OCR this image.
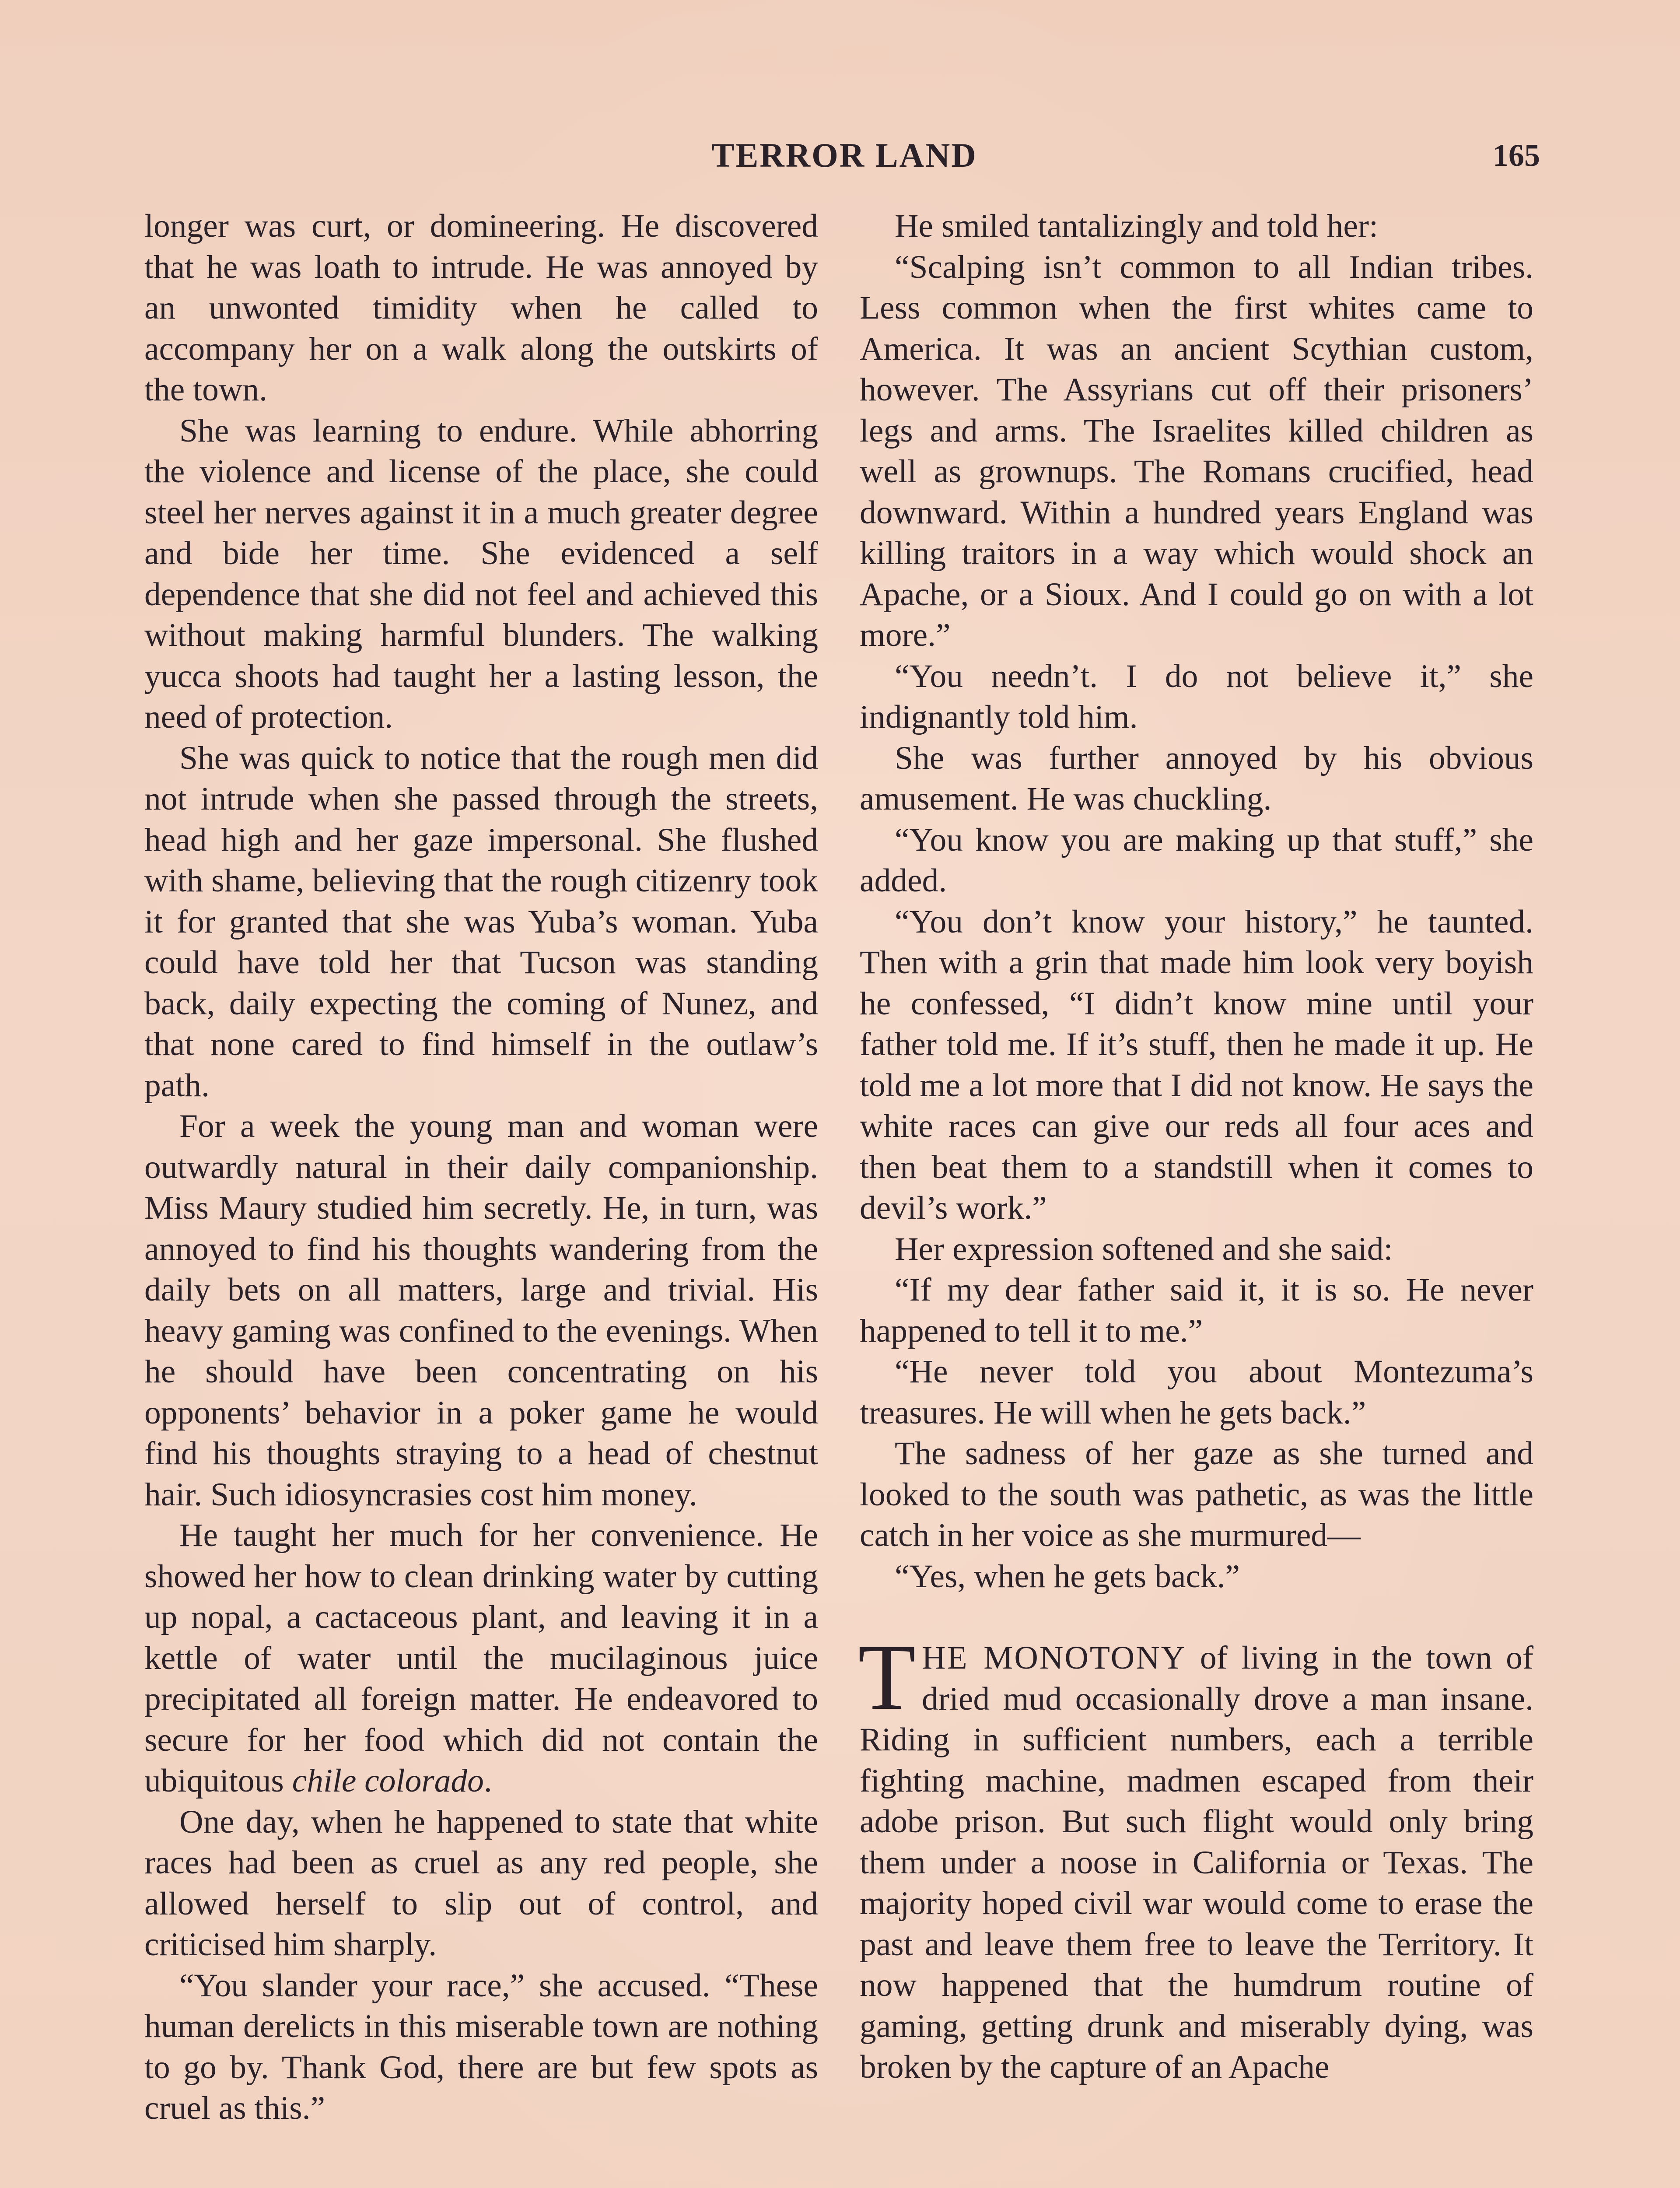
TERROR LAND	165

longer was curt, or domineering. He discovered that he was loath to intrude. He was annoyed by an unwonted timidity when he called to accompany her on a walk along the outskirts of the town.

She was learning to endure. While abhorring the violence and license of the place, she could steel her nerves against it in a much greater degree and bide her time. She evidenced a self dependence that she did not feel and achieved this without making harmful blunders. The walking yucca shoots had taught her a lasting lesson, the need of protection.

She was quick to notice that the rough men did not intrude when she passed through the streets, head high and her gaze impersonal. She flushed with shame, believing that the rough citizenry took it for granted that she was Yuba’s woman. Yuba could have told her that Tucson was standing back, daily expecting the coming of Nunez, and that none cared to find himself in the outlaw’s path.

For a week the young man and woman were outwardly natural in their daily companionship. Miss Maury studied him secretly. He, in turn, was annoyed to find his thoughts wandering from the daily bets on all matters, large and trivial. His heavy gaming was confined to the evenings. When he should have been concentrating on his opponents’ behavior in a poker game he would find his thoughts straying to a head of chestnut hair. Such idiosyncrasies cost him money.

He taught her much for her convenience. He showed her how to clean drinking water by cutting up nopal, a cactaceous plant, and leaving it in a kettle of water until the mucilaginous juice precipitated all foreign matter. He endeavored to secure for her food which did not contain the ubiquitous chile colorado.

One day, when he happened to state that white races had been as cruel as any red people, she allowed herself to slip out of control, and criticised him sharply.

“You slander your race,” she accused. “These human derelicts in this miserable town are nothing to go by. Thank God, there are but few spots as cruel as this.”

He smiled tantalizingly and told her:

“Scalping isn’t common to all Indian tribes. Less common when the first whites came to America. It was an ancient Scythian custom, however. The Assyrians cut off their prisoners’ legs and arms. The Israelites killed children as well as grownups. The Romans crucified, head downward. Within a hundred years England was killing traitors in a way which would shock an Apache, or a Sioux. And I could go on with a lot more.”

“You needn’t. I do not believe it,” she indignantly told him.

She was further annoyed by his obvious amusement. He was chuckling.

“You know you are making up that stuff,” she added.

“You don’t know your history,” he taunted. Then with a grin that made him look very boyish he confessed, “I didn’t know mine until your father told me. If it’s stuff, then he made it up. He told me a lot more that I did not know. He says the white races can give our reds all four aces and then beat them to a standstill when it comes to devil’s work.”

Her expression softened and she said:

“If my dear father said it, it is so. He never happened to tell it to me.”

“He never told you about Montezuma’s treasures. He will when he gets back.”

The sadness of her gaze as she turned and looked to the south was pathetic, as was the little catch in her voice as she murmured—

“Yes, when he gets back.”

THE MONOTONY of living in the town of dried mud occasionally drove a man insane. Riding in sufficient numbers, each a terrible fighting machine, madmen escaped from their adobe prison. But such flight would only bring them under a noose in California or Texas. The majority hoped civil war would come to erase the past and leave them free to leave the Territory. It now happened that the humdrum routine of gaming, getting drunk and miserably dying, was broken by the capture of an Apache
